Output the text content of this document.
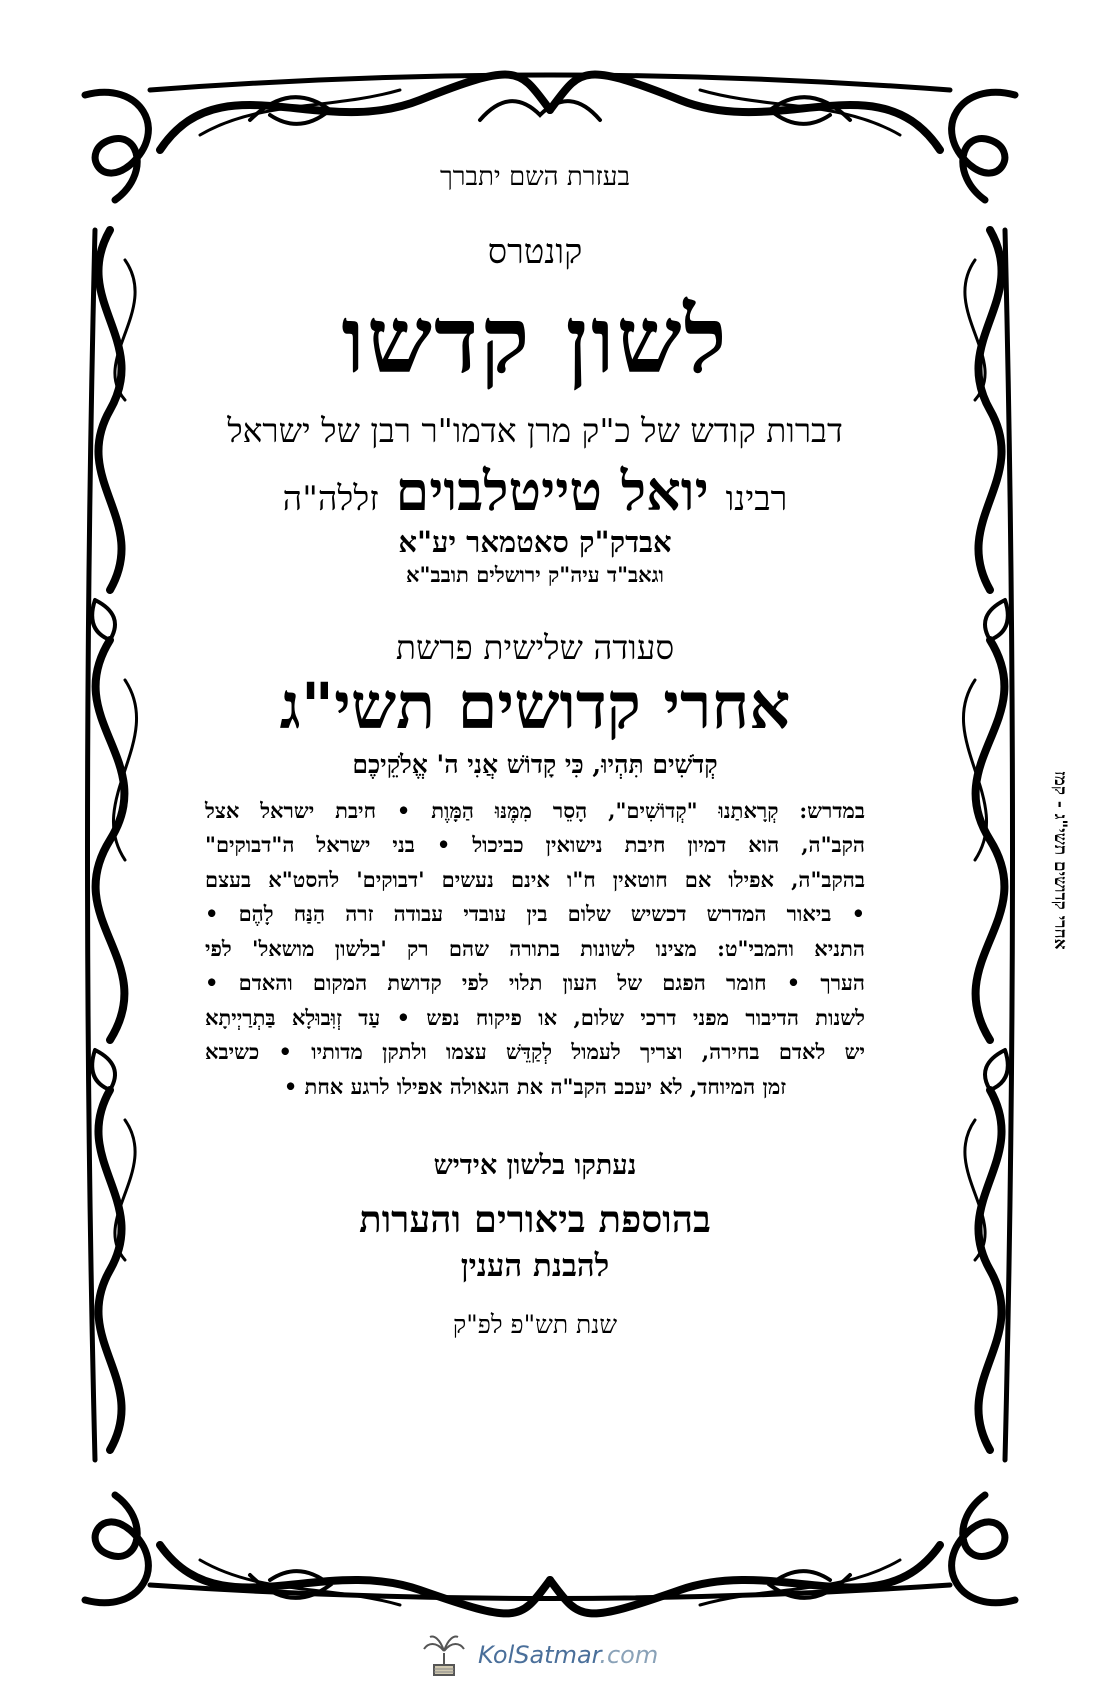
בעזרת השם יתברך
קונטרס
לשון קדשו
דברות קודש של כ"ק מרן אדמו"ר רבן של ישראל
רבינו יואל טייטלבוים זללה"ה
אבדק"ק סאטמאר יע"א
וגאב"ד עיה"ק ירושלים תובב"א
סעודה שלישית פרשת
אחרי קדושים תשי"ג
קְדֹשִׁים תִּהְיוּ, כִּי קָדוֹשׁ אֲנִי ה' אֱלֹקֵיכֶם
במדרש: קְרָאתַנוּ "קְדוֹשִׁים", הָסֵר מִמֶּנּוּ הַמָּוֶת • חיבת ישראל אצל
הקב"ה, הוא דמיון חיבת נישואין כביכול • בני ישראל ה"דבוקים"
בהקב"ה, אפילו אם חוטאין ח"ו אינם נעשים 'דבוקים' להסט"א בעצם
• ביאור המדרש דכשיש שלום בין עובדי עבודה זרה הַנַּח לָהֶם •
התניא והמבי"ט: מצינו לשונות בתורה שהם רק 'בלשון מושאל' לפי
הערך • חומר הפגם של העון תלוי לפי קדושת המקום והאדם •
לשנות הדיבור מפני דרכי שלום, או פיקוח נפש • עַד זְוִּבוּלָא בַּתְרַיְיתָא
יש לאדם בחירה, וצריך לעמול לְקַדֵּשׁ עצמו ולתקן מדותיו • כשיבא
זמן המיוחד, לא יעכב הקב"ה את הגאולה אפילו לרגע אחת •
נעתקו בלשון אידיש
בהוספת ביאורים והערות
להבנת הענין
שנת תש"פ לפ"ק
אחרי קדושים תשי"ג - קמז
KolSatmar.com
